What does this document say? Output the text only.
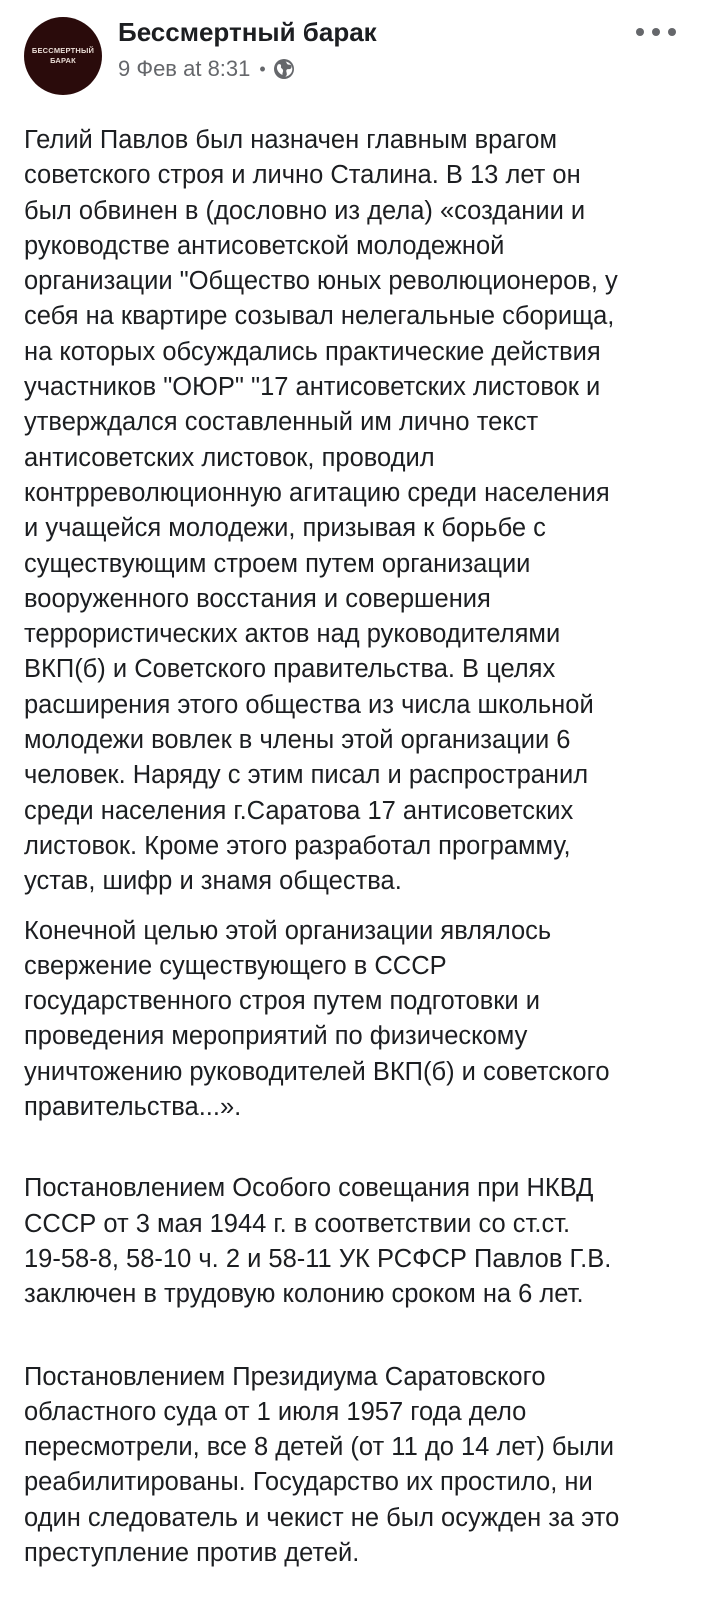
БЕССМЕРТНЫЙ
БАРАК
Бессмертный барак
9 Фев at 8:31 •

Гелий Павлов был назначен главным врагом
советского строя и лично Сталина. В 13 лет он
был обвинен в (дословно из дела) «создании и
руководстве антисоветской молодежной
организации "Общество юных революционеров, у
себя на квартире созывал нелегальные сборища,
на которых обсуждались практические действия
участников "ОЮР" "17 антисоветских листовок и
утверждался составленный им лично текст
антисоветских листовок, проводил
контрреволюционную агитацию среди населения
и учащейся молодежи, призывая к борьбе с
существующим строем путем организации
вооруженного восстания и совершения
террористических актов над руководителями
ВКП(б) и Советского правительства. В целях
расширения этого общества из числа школьной
молодежи вовлек в члены этой организации 6
человек. Наряду с этим писал и распространил
среди населения г.Саратова 17 антисоветских
листовок. Кроме этого разработал программу,
устав, шифр и знамя общества.

Конечной целью этой организации являлось
свержение существующего в СССР
государственного строя путем подготовки и
проведения мероприятий по физическому
уничтожению руководителей ВКП(б) и советского
правительства...».

Постановлением Особого совещания при НКВД
СССР от 3 мая 1944 г. в соответствии со ст.ст.
19-58-8, 58-10 ч. 2 и 58-11 УК РСФСР Павлов Г.В.
заключен в трудовую колонию сроком на 6 лет.

Постановлением Президиума Саратовского
областного суда от 1 июля 1957 года дело
пересмотрели, все 8 детей (от 11 до 14 лет) были
реабилитированы. Государство их простило, ни
один следователь и чекист не был осужден за это
преступление против детей.
